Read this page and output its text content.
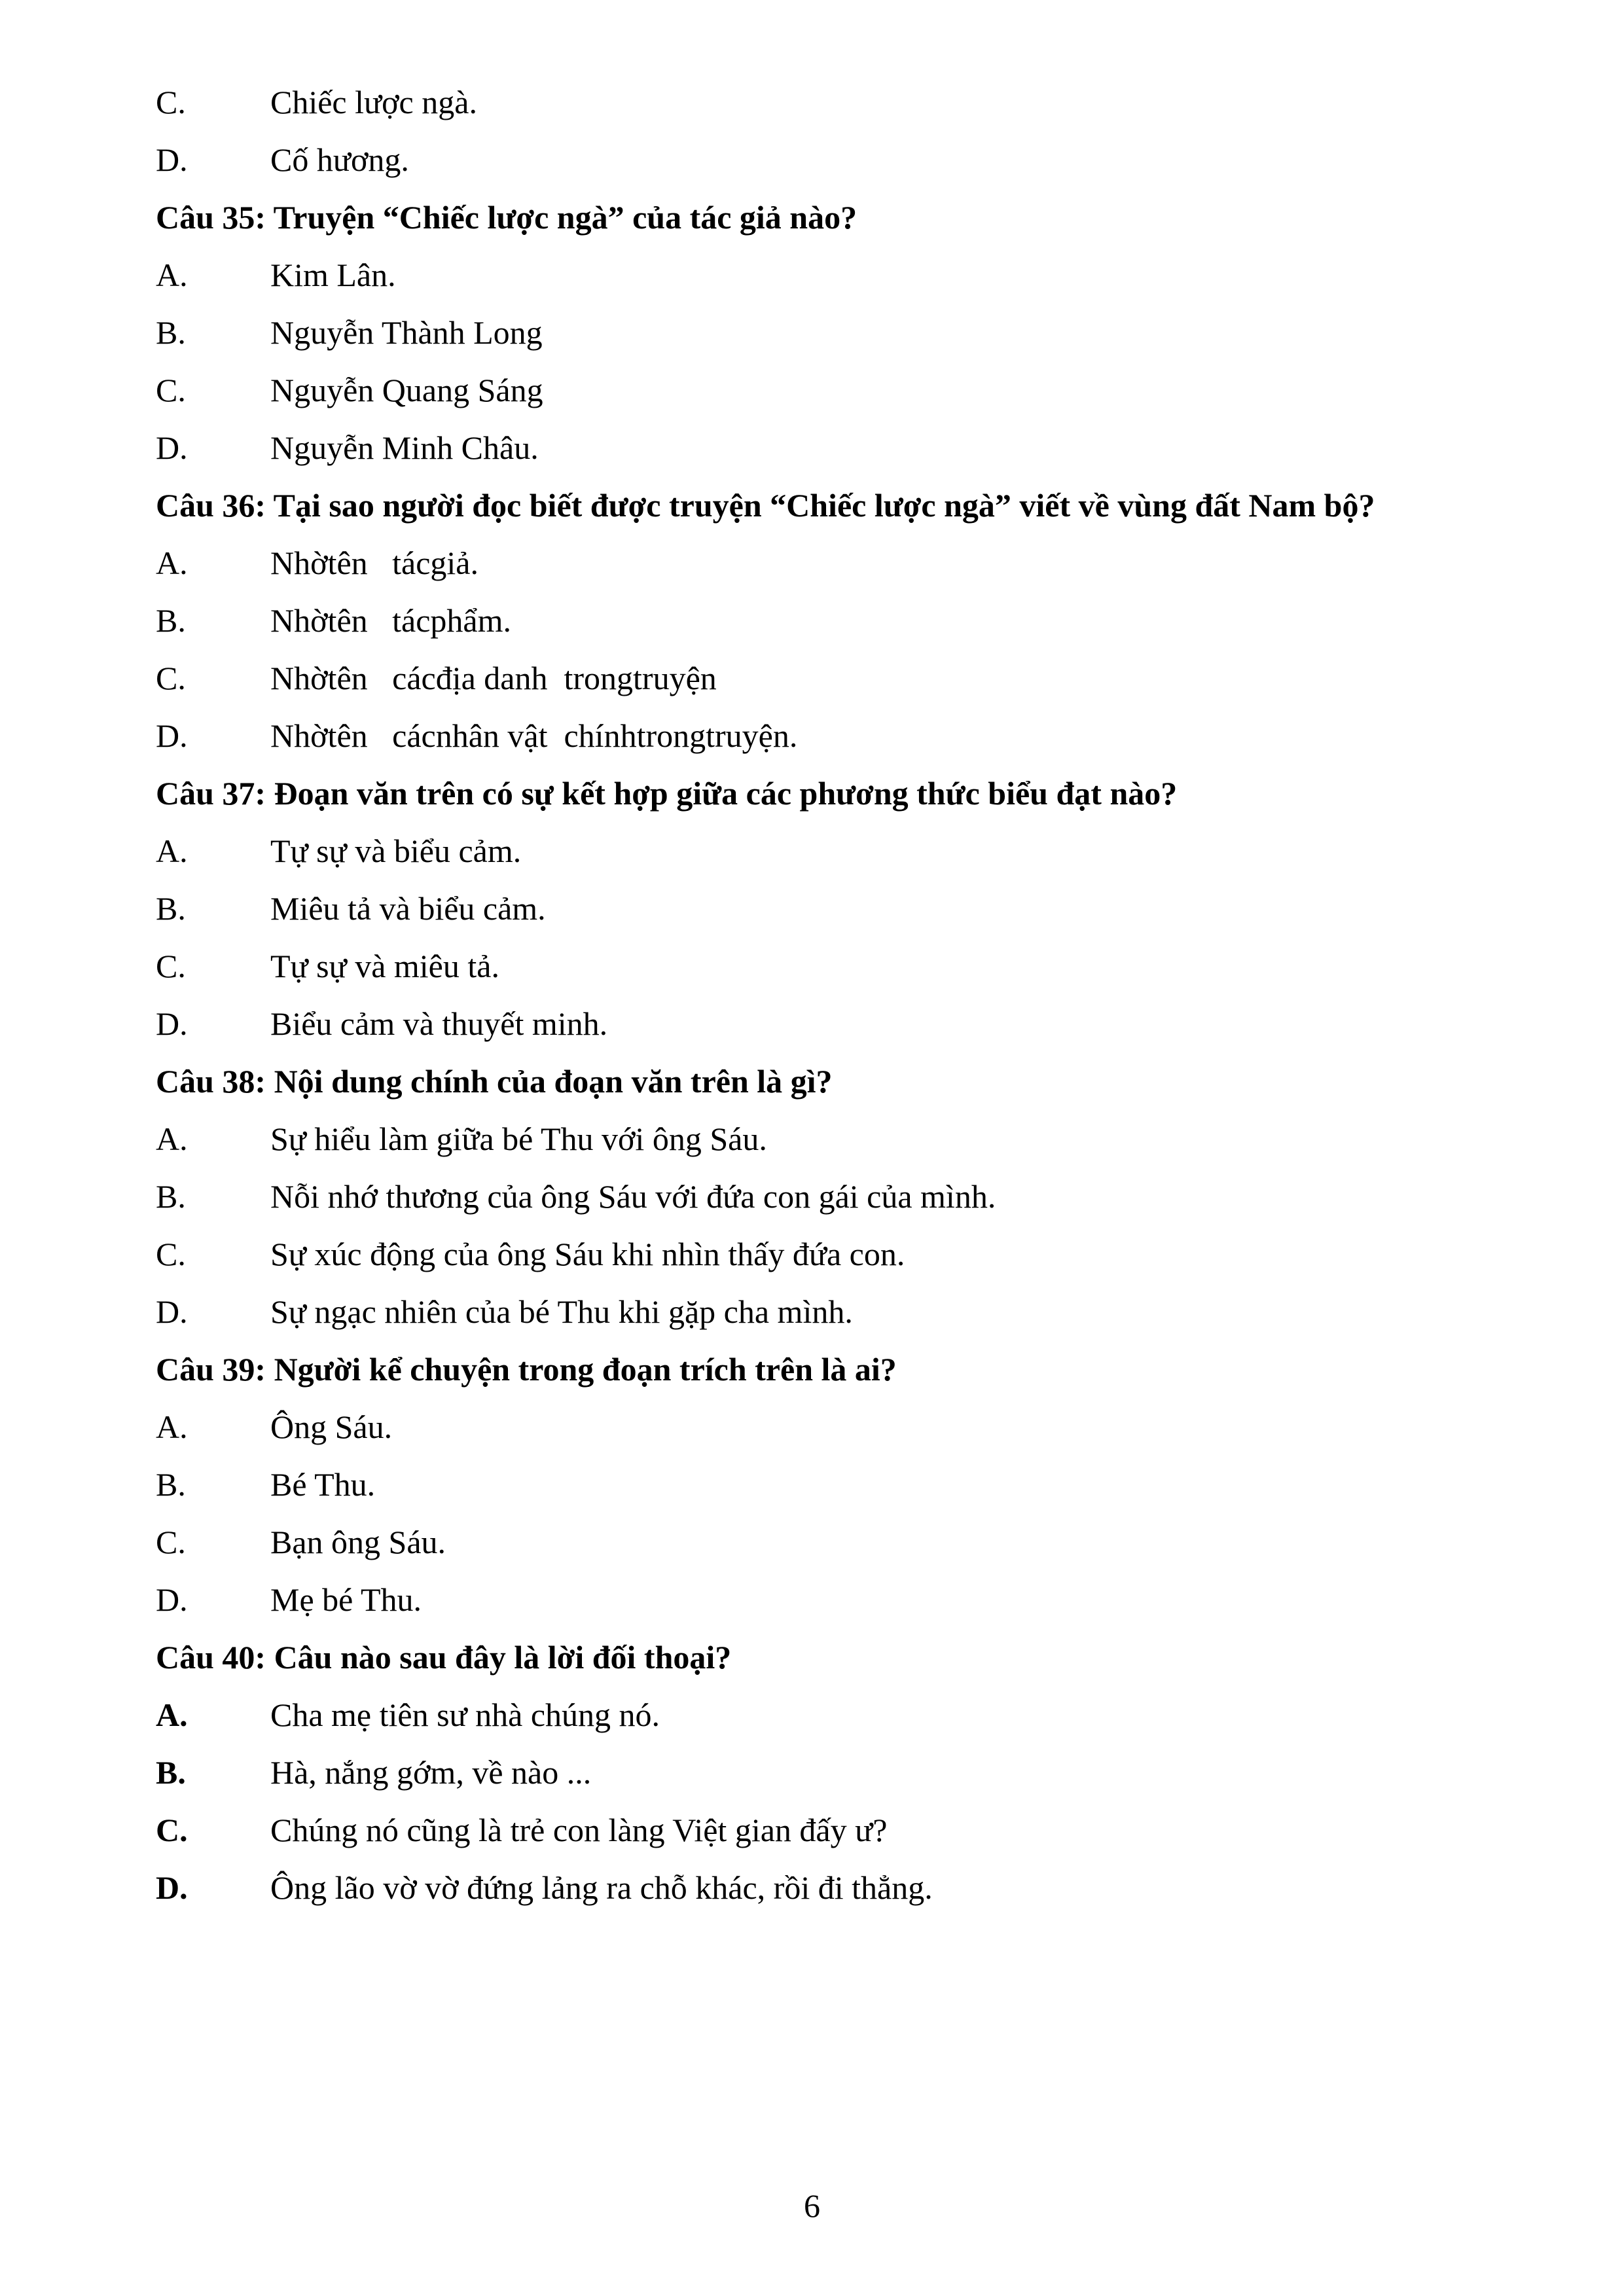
C.	Chiếc lược ngà.
D.	Cố hương.
Câu 35: Truyện “Chiếc lược ngà” của tác giả nào?
A.	Kim Lân.
B.	Nguyễn Thành Long
C.	Nguyễn Quang Sáng
D.	Nguyễn Minh Châu.
Câu 36: Tại sao người đọc biết được truyện “Chiếc lược ngà” viết về vùng đất Nam bộ?
A.	Nhờtên   tácgiả.
B.	Nhờtên   tácphẩm.
C.	Nhờtên   cácđịa danh  trongtruyện
D.	Nhờtên   cácnhân vật  chínhtrongtruyện.
Câu 37: Đoạn văn trên có sự kết hợp giữa các phương thức biểu đạt nào?
A.	Tự sự và biểu cảm.
B.	Miêu tả và biểu cảm.
C.	Tự sự và miêu tả.
D.	Biểu cảm và thuyết minh.
Câu 38: Nội dung chính của đoạn văn trên là gì?
A.	Sự hiểu làm giữa bé Thu với ông Sáu.
B.	Nỗi nhớ thương của ông Sáu với đứa con gái của mình.
C.	Sự xúc động của ông Sáu khi nhìn thấy đứa con.
D.	Sự ngạc nhiên của bé Thu khi gặp cha mình.
Câu 39: Người kể chuyện trong đoạn trích trên là ai?
A.	Ông Sáu.
B.	Bé Thu.
C.	Bạn ông Sáu.
D.	Mẹ bé Thu.
Câu 40: Câu nào sau đây là lời đối thoại?
A.	Cha mẹ tiên sư nhà chúng nó.
B.	Hà, nắng gớm, về nào ...
C.	Chúng nó cũng là trẻ con làng Việt gian đấy ư?
D.	Ông lão vờ vờ đứng lảng ra chỗ khác, rồi đi thẳng.
6
